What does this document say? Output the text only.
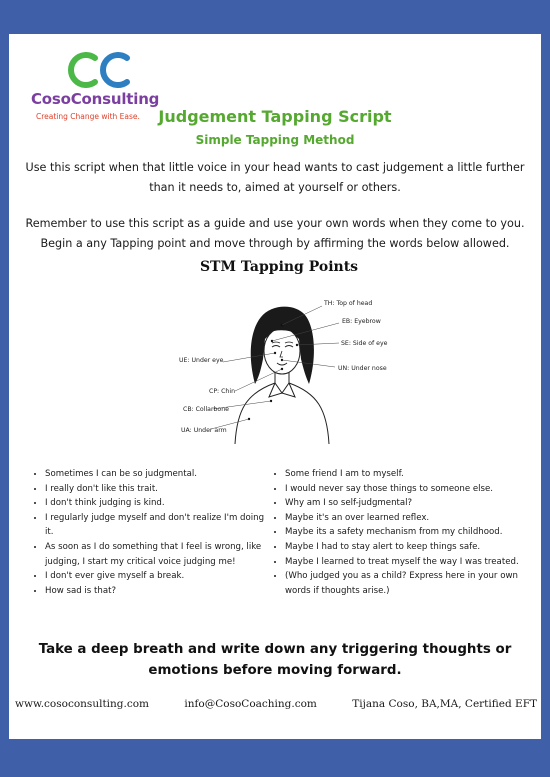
CosoConsulting
Creating Change with Ease.	Judgement Tapping Script
Simple Tapping Method

Use this script when that little voice in your head wants to cast judgement a little further than it needs to, aimed at yourself or others.

Remember to use this script as a guide and use your own words when they come to you. Begin a any Tapping point and move through by affirming the words below allowed.

STM Tapping Points
TH: Top of head
EB: Eyebrow
SE: Side of eye
UE: Under eye
UN: Under nose
CP: Chin
CB: Collarbone
UA: Under arm
• Sometimes I can be so judgmental.
• I really don't like this trait.
• I don't think judging is kind.
• I regularly judge myself and don't realize I'm doing it.
• As soon as I do something that I feel is wrong, like judging, I start my critical voice judging me!
• I don't ever give myself a break.
• How sad is that?
• Some friend I am to myself.
• I would never say those things to someone else.
• Why am I so self-judgmental?
• Maybe it's an over learned reflex.
• Maybe its a safety mechanism from my childhood.
• Maybe I had to stay alert to keep things safe.
• Maybe I learned to treat myself the way I was treated.
• (Who judged you as a child? Express here in your own words if thoughts arise.)
Take a deep breath and write down any triggering thoughts or emotions before moving forward.
www.cosoconsulting.com	info@CosoCoaching.com	Tijana Coso, BA,MA, Certified EFT
